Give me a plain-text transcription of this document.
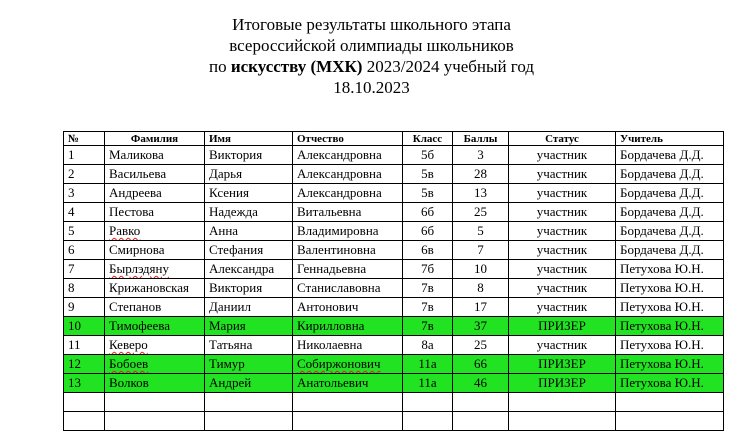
Итоговые результаты школьного этапа
всероссийской олимпиады школьников
по искусству (МХК) 2023/2024 учебный год
18.10.2023
№	Фамилия	Имя	Отчество	Класс	Баллы	Статус	Учитель
1	Маликова	Виктория	Александровна	5б	3	участник	Бордачева Д.Д.
2	Васильева	Дарья	Александровна	5в	28	участник	Бордачева Д.Д.
3	Андреева	Ксения	Александровна	5в	13	участник	Бордачева Д.Д.
4	Пестова	Надежда	Витальевна	6б	25	участник	Бордачева Д.Д.
5	Равко	Анна	Владимировна	6б	5	участник	Бордачева Д.Д.
6	Смирнова	Стефания	Валентиновна	6в	7	участник	Бордачева Д.Д.
7	Бырлэдяну	Александра	Геннадьевна	7б	10	участник	Петухова Ю.Н.
8	Крижановская	Виктория	Станиславовна	7в	8	участник	Петухова Ю.Н.
9	Степанов	Даниил	Антонович	7в	17	участник	Петухова Ю.Н.
10	Тимофеева	Мария	Кирилловна	7в	37	ПРИЗЕР	Петухова Ю.Н.
11	Кеверо	Татьяна	Николаевна	8а	25	участник	Петухова Ю.Н.
12	Бобоев	Тимур	Собиржонович	11а	66	ПРИЗЕР	Петухова Ю.Н.
13	Волков	Андрей	Анатольевич	11а	46	ПРИЗЕР	Петухова Ю.Н.
